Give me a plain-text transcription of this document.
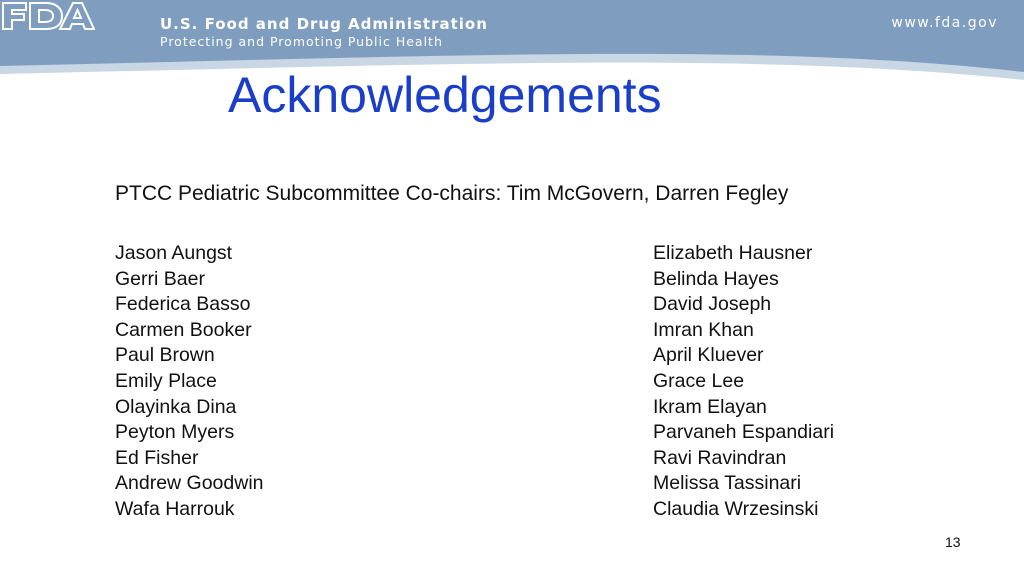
U.S. Food and Drug Administration
Protecting and Promoting Public Health
www.fda.gov
Acknowledgements
PTCC Pediatric Subcommittee Co-chairs: Tim McGovern, Darren Fegley
Jason Aungst
Gerri Baer
Federica Basso
Carmen Booker
Paul Brown
Emily Place
Olayinka Dina
Peyton Myers
Ed Fisher
Andrew Goodwin
Wafa Harrouk
Elizabeth Hausner
Belinda Hayes
David Joseph
Imran Khan
April Kluever
Grace Lee
Ikram Elayan
Parvaneh Espandiari
Ravi Ravindran
Melissa Tassinari
Claudia Wrzesinski
13
